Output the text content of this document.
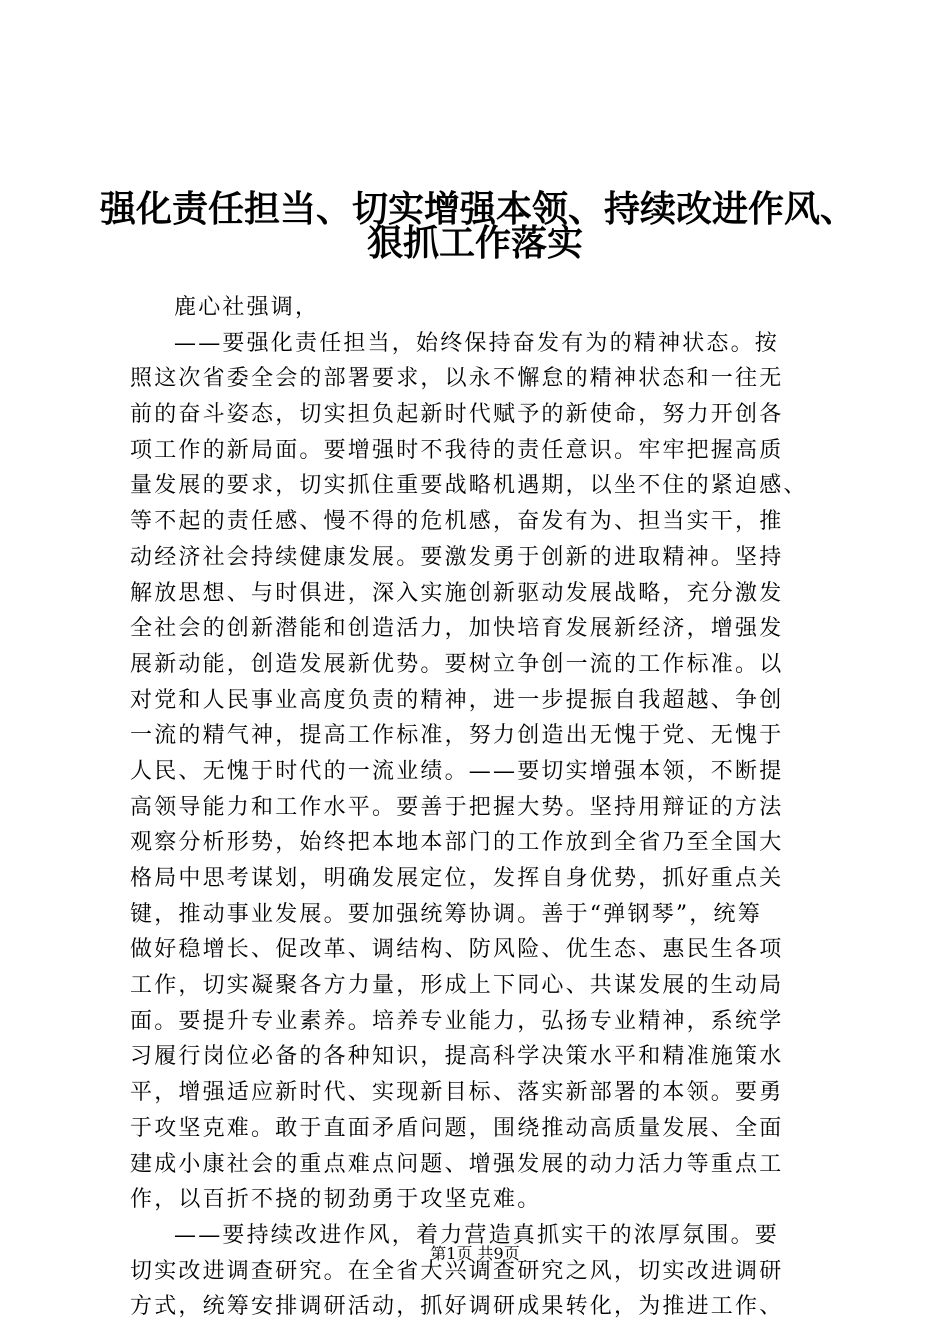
强化责任担当、切实增强本领、持续改进作风、
狠抓工作落实
鹿心社强调，
——要强化责任担当，始终保持奋发有为的精神状态。按
照这次省委全会的部署要求，以永不懈怠的精神状态和一往无
前的奋斗姿态，切实担负起新时代赋予的新使命，努力开创各
项工作的新局面。要增强时不我待的责任意识。牢牢把握高质
量发展的要求，切实抓住重要战略机遇期，以坐不住的紧迫感、
等不起的责任感、慢不得的危机感，奋发有为、担当实干，推
动经济社会持续健康发展。要激发勇于创新的进取精神。坚持
解放思想、与时俱进，深入实施创新驱动发展战略，充分激发
全社会的创新潜能和创造活力，加快培育发展新经济，增强发
展新动能，创造发展新优势。要树立争创一流的工作标准。以
对党和人民事业高度负责的精神，进一步提振自我超越、争创
一流的精气神，提高工作标准，努力创造出无愧于党、无愧于
人民、无愧于时代的一流业绩。——要切实增强本领，不断提
高领导能力和工作水平。要善于把握大势。坚持用辩证的方法
观察分析形势，始终把本地本部门的工作放到全省乃至全国大
格局中思考谋划，明确发展定位，发挥自身优势，抓好重点关
键，推动事业发展。要加强统筹协调。善于“弹钢琴”，统筹
做好稳增长、促改革、调结构、防风险、优生态、惠民生各项
工作，切实凝聚各方力量，形成上下同心、共谋发展的生动局
面。要提升专业素养。培养专业能力，弘扬专业精神，系统学
习履行岗位必备的各种知识，提高科学决策水平和精准施策水
平，增强适应新时代、实现新目标、落实新部署的本领。要勇
于攻坚克难。敢于直面矛盾问题，围绕推动高质量发展、全面
建成小康社会的重点难点问题、增强发展的动力活力等重点工
作，以百折不挠的韧劲勇于攻坚克难。
——要持续改进作风，着力营造真抓实干的浓厚氛围。要
切实改进调查研究。在全省大兴调查研究之风，切实改进调研
方式，统筹安排调研活动，抓好调研成果转化，为推进工作、
第1页 共9页
